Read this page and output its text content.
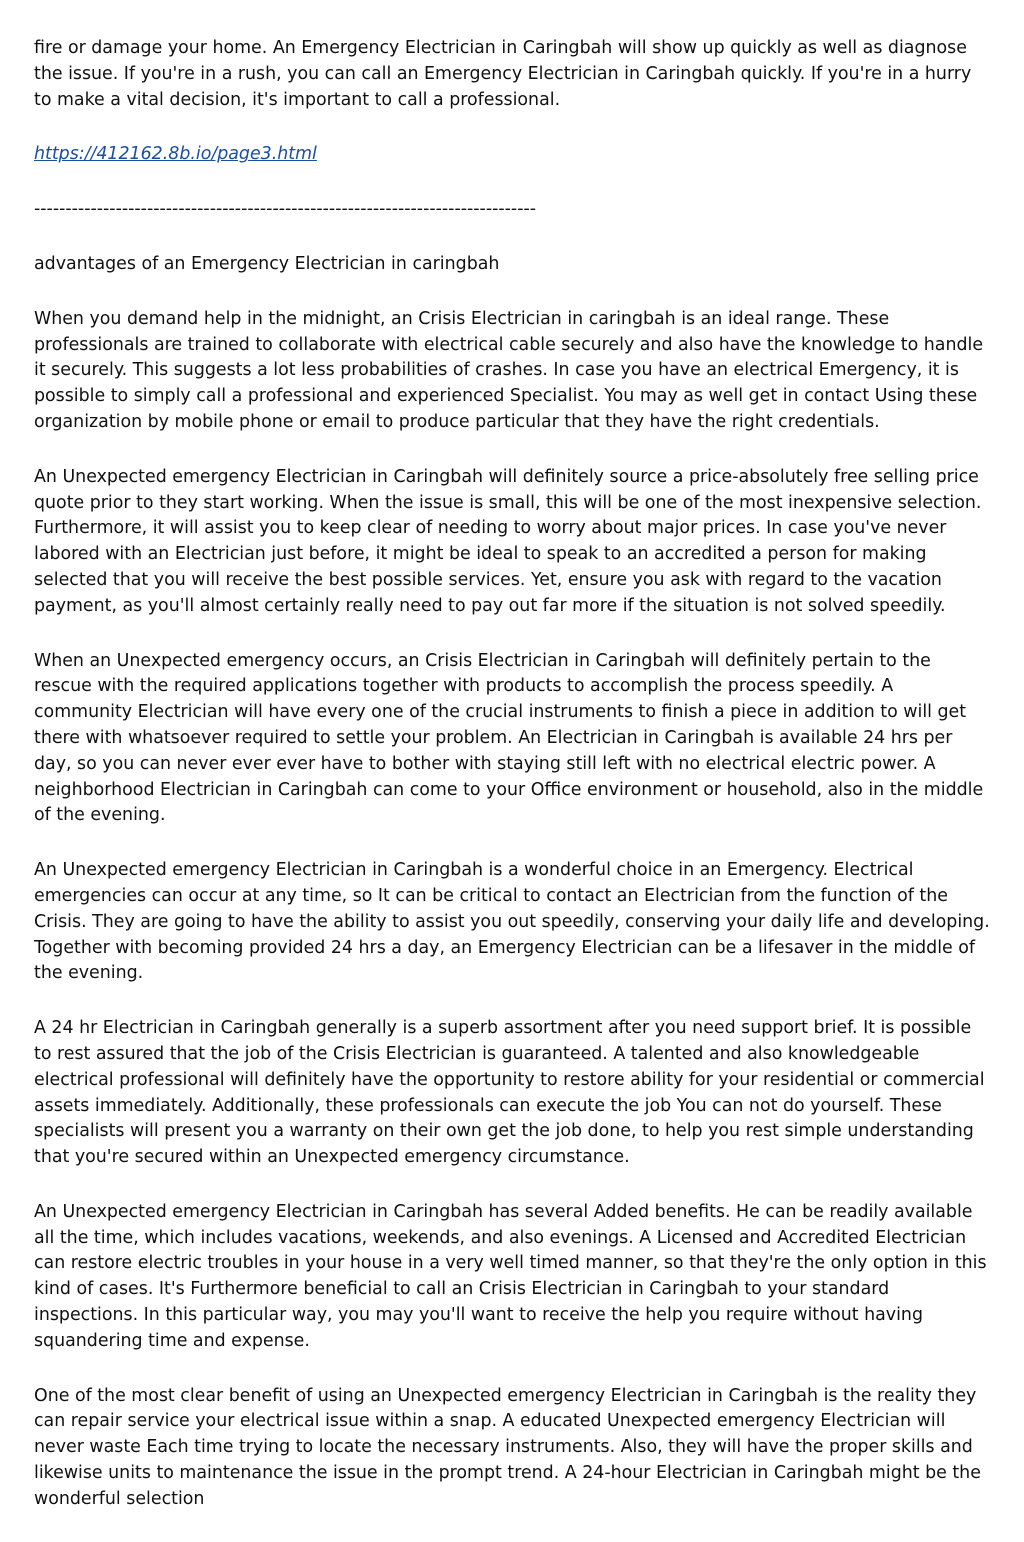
fire or damage your home. An Emergency Electrician in Caringbah will show up quickly as well as diagnose the issue. If you're in a rush, you can call an Emergency Electrician in Caringbah quickly. If you're in a hurry to make a vital decision, it's important to call a professional.

https://412162.8b.io/page3.html

--------------------------------------------------------------------------------

advantages of an Emergency Electrician in caringbah

When you demand help in the midnight, an Crisis Electrician in caringbah is an ideal range. These professionals are trained to collaborate with electrical cable securely and also have the knowledge to handle it securely. This suggests a lot less probabilities of crashes. In case you have an electrical Emergency, it is possible to simply call a professional and experienced Specialist. You may as well get in contact Using these organization by mobile phone or email to produce particular that they have the right credentials.

An Unexpected emergency Electrician in Caringbah will definitely source a price-absolutely free selling price quote prior to they start working. When the issue is small, this will be one of the most inexpensive selection. Furthermore, it will assist you to keep clear of needing to worry about major prices. In case you've never labored with an Electrician just before, it might be ideal to speak to an accredited a person for making selected that you will receive the best possible services. Yet, ensure you ask with regard to the vacation payment, as you'll almost certainly really need to pay out far more if the situation is not solved speedily.

When an Unexpected emergency occurs, an Crisis Electrician in Caringbah will definitely pertain to the rescue with the required applications together with products to accomplish the process speedily. A community Electrician will have every one of the crucial instruments to finish a piece in addition to will get there with whatsoever required to settle your problem. An Electrician in Caringbah is available 24 hrs per day, so you can never ever ever have to bother with staying still left with no electrical electric power. A neighborhood Electrician in Caringbah can come to your Office environment or household, also in the middle of the evening.

An Unexpected emergency Electrician in Caringbah is a wonderful choice in an Emergency. Electrical emergencies can occur at any time, so It can be critical to contact an Electrician from the function of the Crisis. They are going to have the ability to assist you out speedily, conserving your daily life and developing. Together with becoming provided 24 hrs a day, an Emergency Electrician can be a lifesaver in the middle of the evening.

A 24 hr Electrician in Caringbah generally is a superb assortment after you need support brief. It is possible to rest assured that the job of the Crisis Electrician is guaranteed. A talented and also knowledgeable electrical professional will definitely have the opportunity to restore ability for your residential or commercial assets immediately. Additionally, these professionals can execute the job You can not do yourself. These specialists will present you a warranty on their own get the job done, to help you rest simple understanding that you're secured within an Unexpected emergency circumstance.

An Unexpected emergency Electrician in Caringbah has several Added benefits. He can be readily available all the time, which includes vacations, weekends, and also evenings. A Licensed and Accredited Electrician can restore electric troubles in your house in a very well timed manner, so that they're the only option in this kind of cases. It's Furthermore beneficial to call an Crisis Electrician in Caringbah to your standard inspections. In this particular way, you may you'll want to receive the help you require without having squandering time and expense.

One of the most clear benefit of using an Unexpected emergency Electrician in Caringbah is the reality they can repair service your electrical issue within a snap. A educated Unexpected emergency Electrician will never waste Each time trying to locate the necessary instruments. Also, they will have the proper skills and likewise units to maintenance the issue in the prompt trend. A 24-hour Electrician in Caringbah might be the wonderful selection
